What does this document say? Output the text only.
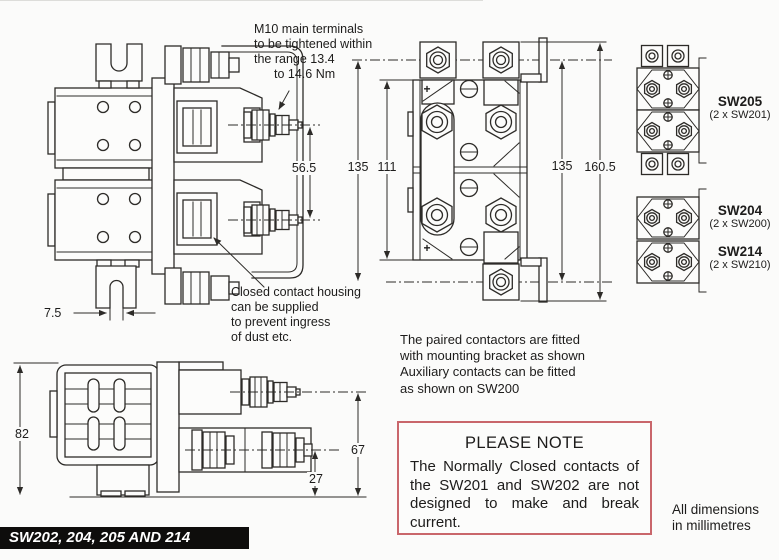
+
+
M10 main terminals
to be tightened within
the range 13.4
to 14.6 Nm
Closed contact housing
can be supplied
to prevent ingress
of dust etc.	The paired contactors are fitted
with mounting bracket as shown
Auxiliary contacts can be fitted
as shown on SW200
56.5
7.5
135 111	135 160.5
82
67
27
SW205
(2 x SW201)
SW204
(2 x SW200)
SW214
(2 x SW210)
PLEASE NOTE
The Normally Closed contacts of the SW201 and SW202 are not designed to make and break current.
All dimensions
in millimetres
SW202, 204, 205 AND 214
